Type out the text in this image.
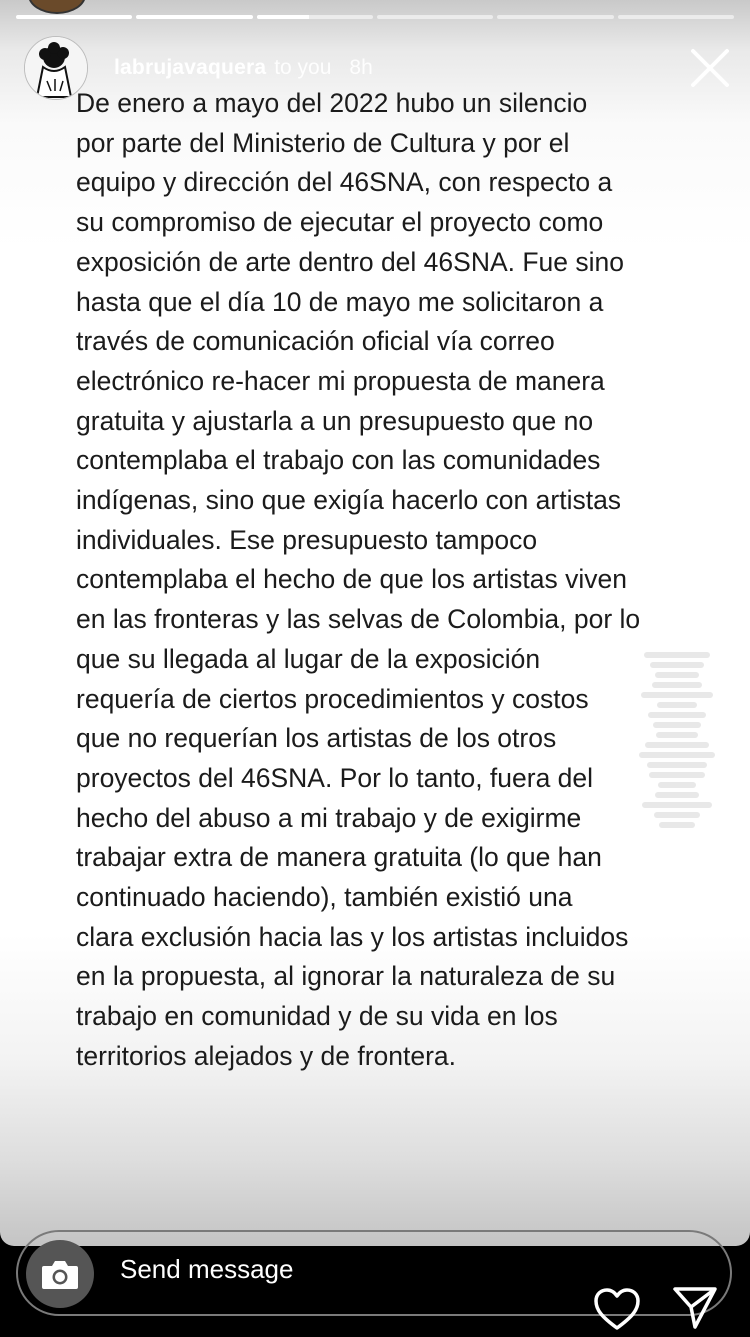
labrujavaquera to you 8h

De enero a mayo del 2022 hubo un silencio
por parte del Ministerio de Cultura y por el
equipo y dirección del 46SNA, con respecto a
su compromiso de ejecutar el proyecto como
exposición de arte dentro del 46SNA. Fue sino
hasta que el día 10 de mayo me solicitaron a
través de comunicación oficial vía correo
electrónico re-hacer mi propuesta de manera
gratuita y ajustarla a un presupuesto que no
contemplaba el trabajo con las comunidades
indígenas, sino que exigía hacerlo con artistas
individuales. Ese presupuesto tampoco
contemplaba el hecho de que los artistas viven
en las fronteras y las selvas de Colombia, por lo
que su llegada al lugar de la exposición
requería de ciertos procedimientos y costos
que no requerían los artistas de los otros
proyectos del 46SNA. Por lo tanto, fuera del
hecho del abuso a mi trabajo y de exigirme
trabajar extra de manera gratuita (lo que han
continuado haciendo), también existió una
clara exclusión hacia las y los artistas incluidos
en la propuesta, al ignorar la naturaleza de su
trabajo en comunidad y de su vida en los
territorios alejados y de frontera.

Send message
